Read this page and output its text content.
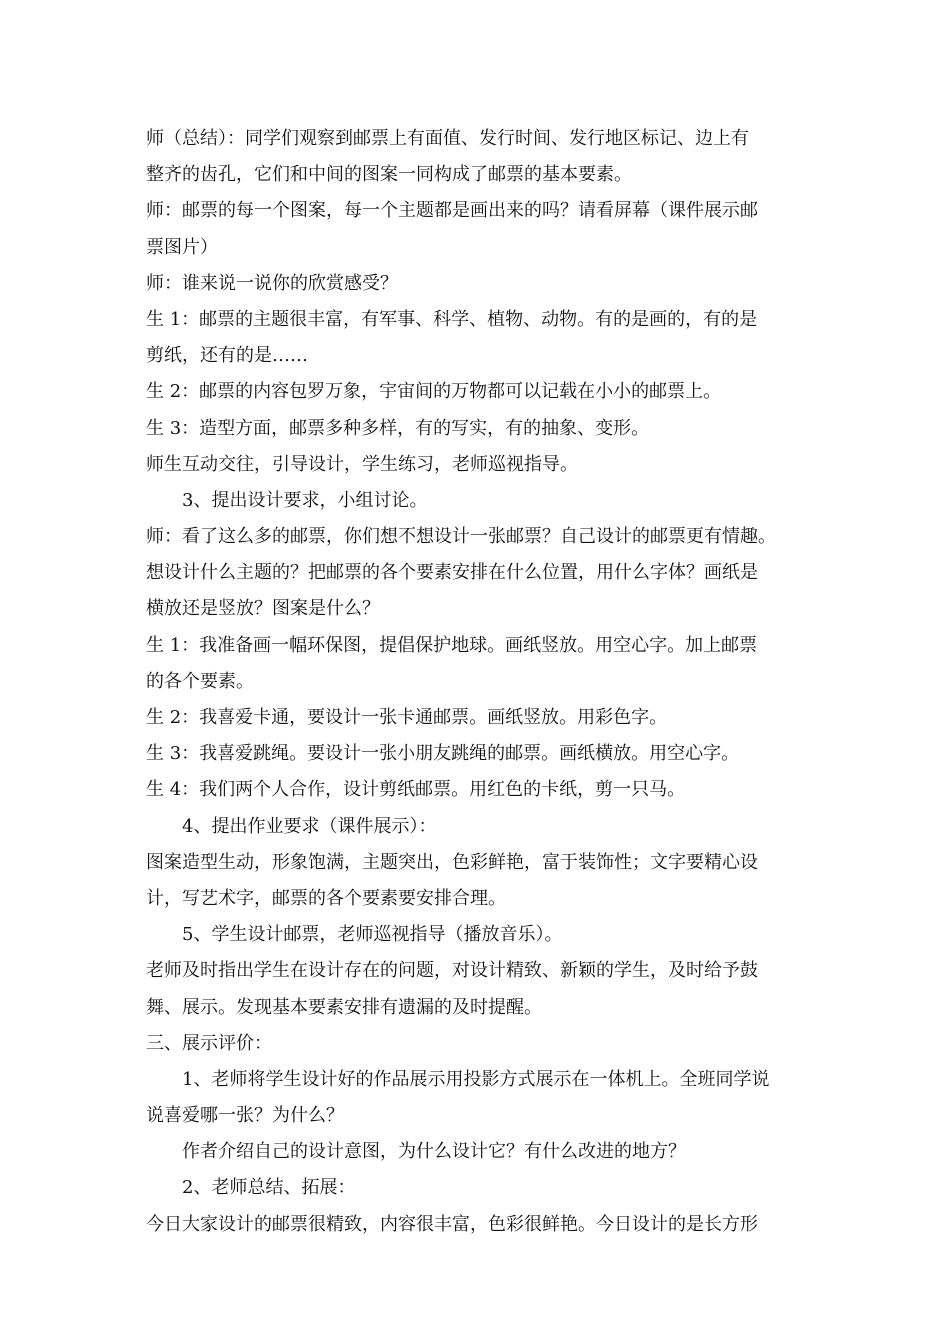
师（总结）：同学们观察到邮票上有面值、发行时间、发行地区标记、边上有
整齐的齿孔，它们和中间的图案一同构成了邮票的基本要素。
师：邮票的每一个图案，每一个主题都是画出来的吗？请看屏幕（课件展示邮
票图片）
师：谁来说一说你的欣赏感受？
生 1：邮票的主题很丰富，有军事、科学、植物、动物。有的是画的，有的是
剪纸，还有的是……
生 2：邮票的内容包罗万象，宇宙间的万物都可以记载在小小的邮票上。
生 3：造型方面，邮票多种多样，有的写实，有的抽象、变形。
师生互动交往，引导设计，学生练习，老师巡视指导。
3、提出设计要求，小组讨论。
师：看了这么多的邮票，你们想不想设计一张邮票？自己设计的邮票更有情趣。
想设计什么主题的？把邮票的各个要素安排在什么位置，用什么字体？画纸是
横放还是竖放？图案是什么？
生 1：我准备画一幅环保图，提倡保护地球。画纸竖放。用空心字。加上邮票
的各个要素。
生 2：我喜爱卡通，要设计一张卡通邮票。画纸竖放。用彩色字。
生 3：我喜爱跳绳。要设计一张小朋友跳绳的邮票。画纸横放。用空心字。
生 4：我们两个人合作，设计剪纸邮票。用红色的卡纸，剪一只马。
4、提出作业要求（课件展示）：
图案造型生动，形象饱满，主题突出，色彩鲜艳，富于装饰性；文字要精心设
计，写艺术字，邮票的各个要素要安排合理。
5、学生设计邮票，老师巡视指导（播放音乐）。
老师及时指出学生在设计存在的问题，对设计精致、新颖的学生，及时给予鼓
舞、展示。发现基本要素安排有遗漏的及时提醒。
三、展示评价：
1、老师将学生设计好的作品展示用投影方式展示在一体机上。全班同学说
说喜爱哪一张？为什么？
作者介绍自己的设计意图，为什么设计它？有什么改进的地方？
2、老师总结、拓展：
今日大家设计的邮票很精致，内容很丰富，色彩很鲜艳。今日设计的是长方形
